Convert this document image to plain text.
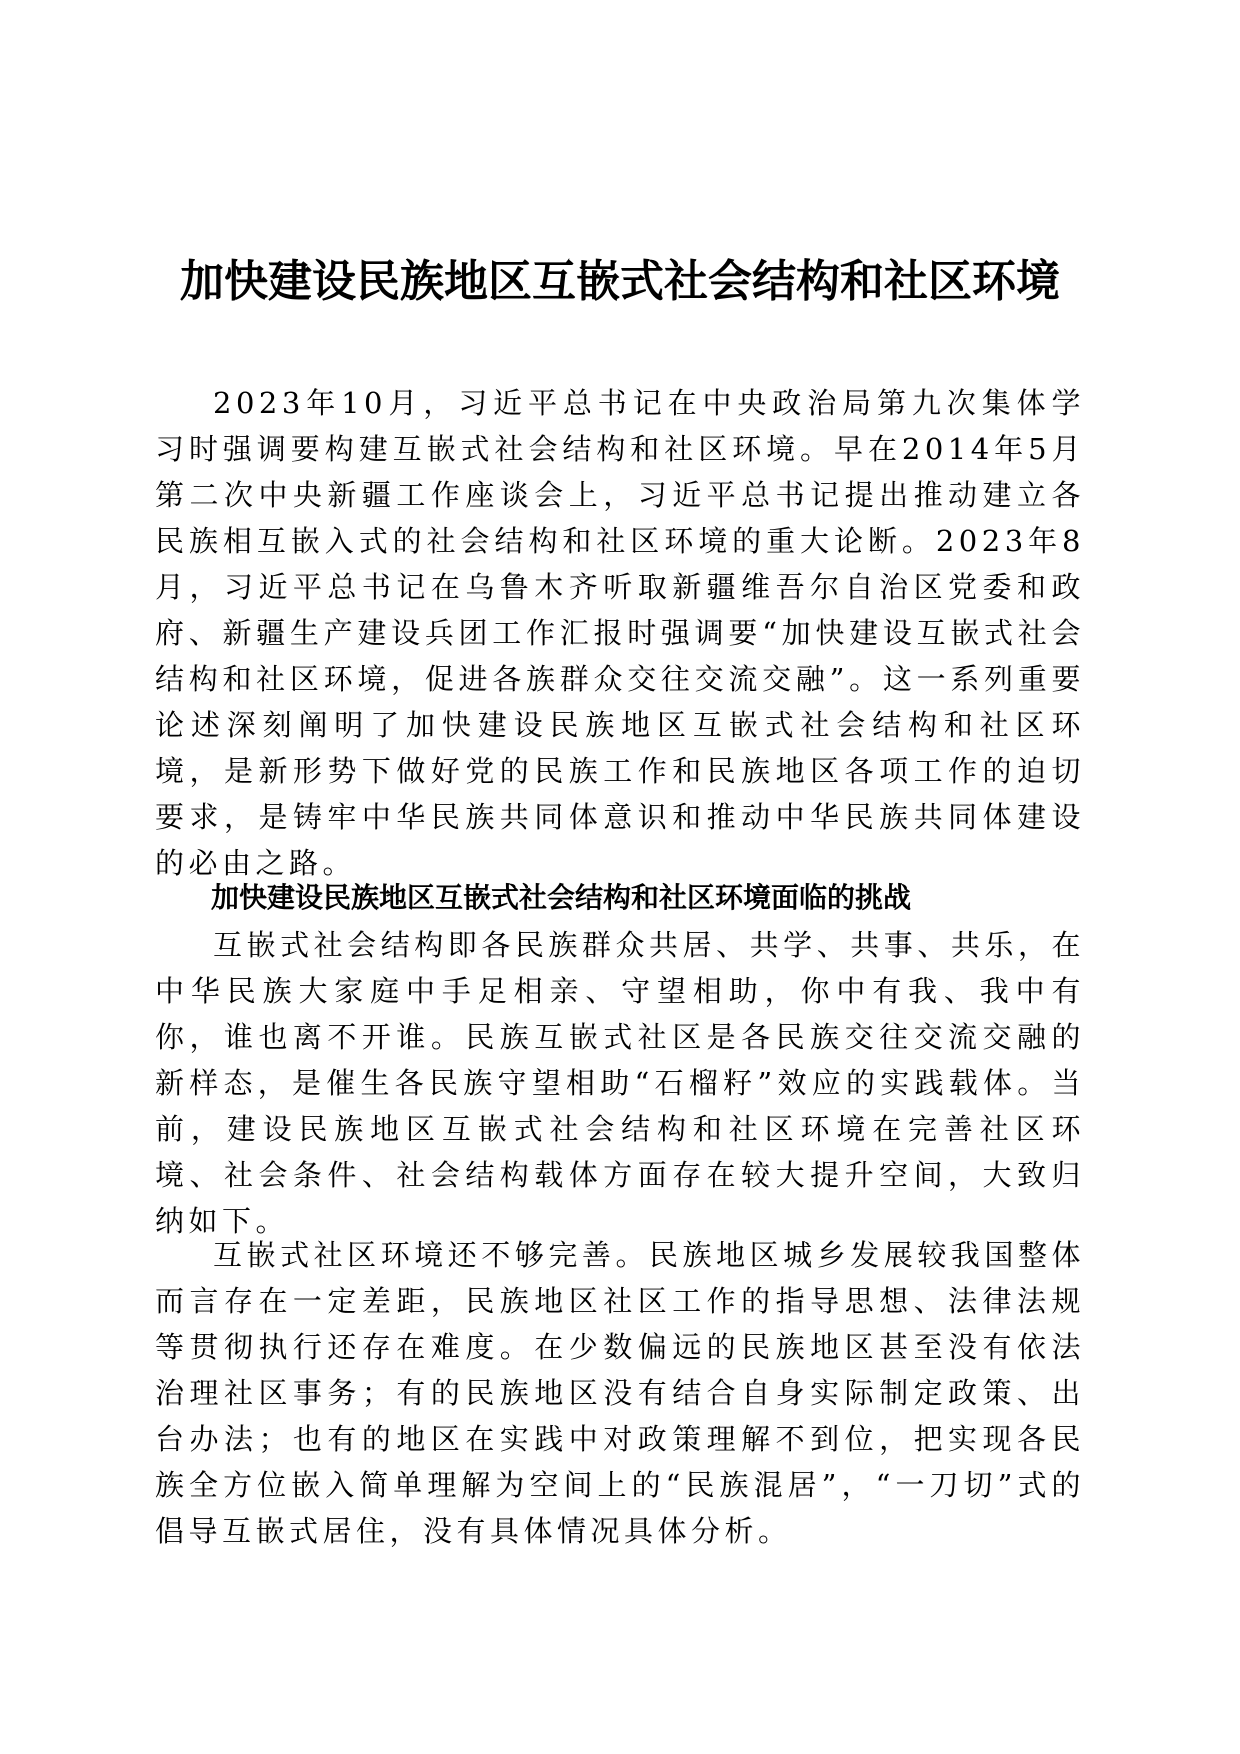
加快建设民族地区互嵌式社会结构和社区环境

2023年10月，习近平总书记在中央政治局第九次集体学习时强调要构建互嵌式社会结构和社区环境。早在2014年5月第二次中央新疆工作座谈会上，习近平总书记提出推动建立各民族相互嵌入式的社会结构和社区环境的重大论断。2023年8月，习近平总书记在乌鲁木齐听取新疆维吾尔自治区党委和政府、新疆生产建设兵团工作汇报时强调要“加快建设互嵌式社会结构和社区环境，促进各族群众交往交流交融”。这一系列重要论述深刻阐明了加快建设民族地区互嵌式社会结构和社区环境，是新形势下做好党的民族工作和民族地区各项工作的迫切要求，是铸牢中华民族共同体意识和推动中华民族共同体建设的必由之路。

加快建设民族地区互嵌式社会结构和社区环境面临的挑战

互嵌式社会结构即各民族群众共居、共学、共事、共乐，在中华民族大家庭中手足相亲、守望相助，你中有我、我中有你，谁也离不开谁。民族互嵌式社区是各民族交往交流交融的新样态，是催生各民族守望相助“石榴籽”效应的实践载体。当前，建设民族地区互嵌式社会结构和社区环境在完善社区环境、社会条件、社会结构载体方面存在较大提升空间，大致归纳如下。

互嵌式社区环境还不够完善。民族地区城乡发展较我国整体而言存在一定差距，民族地区社区工作的指导思想、法律法规等贯彻执行还存在难度。在少数偏远的民族地区甚至没有依法治理社区事务；有的民族地区没有结合自身实际制定政策、出台办法；也有的地区在实践中对政策理解不到位，把实现各民族全方位嵌入简单理解为空间上的“民族混居”，“一刀切”式的倡导互嵌式居住，没有具体情况具体分析。
